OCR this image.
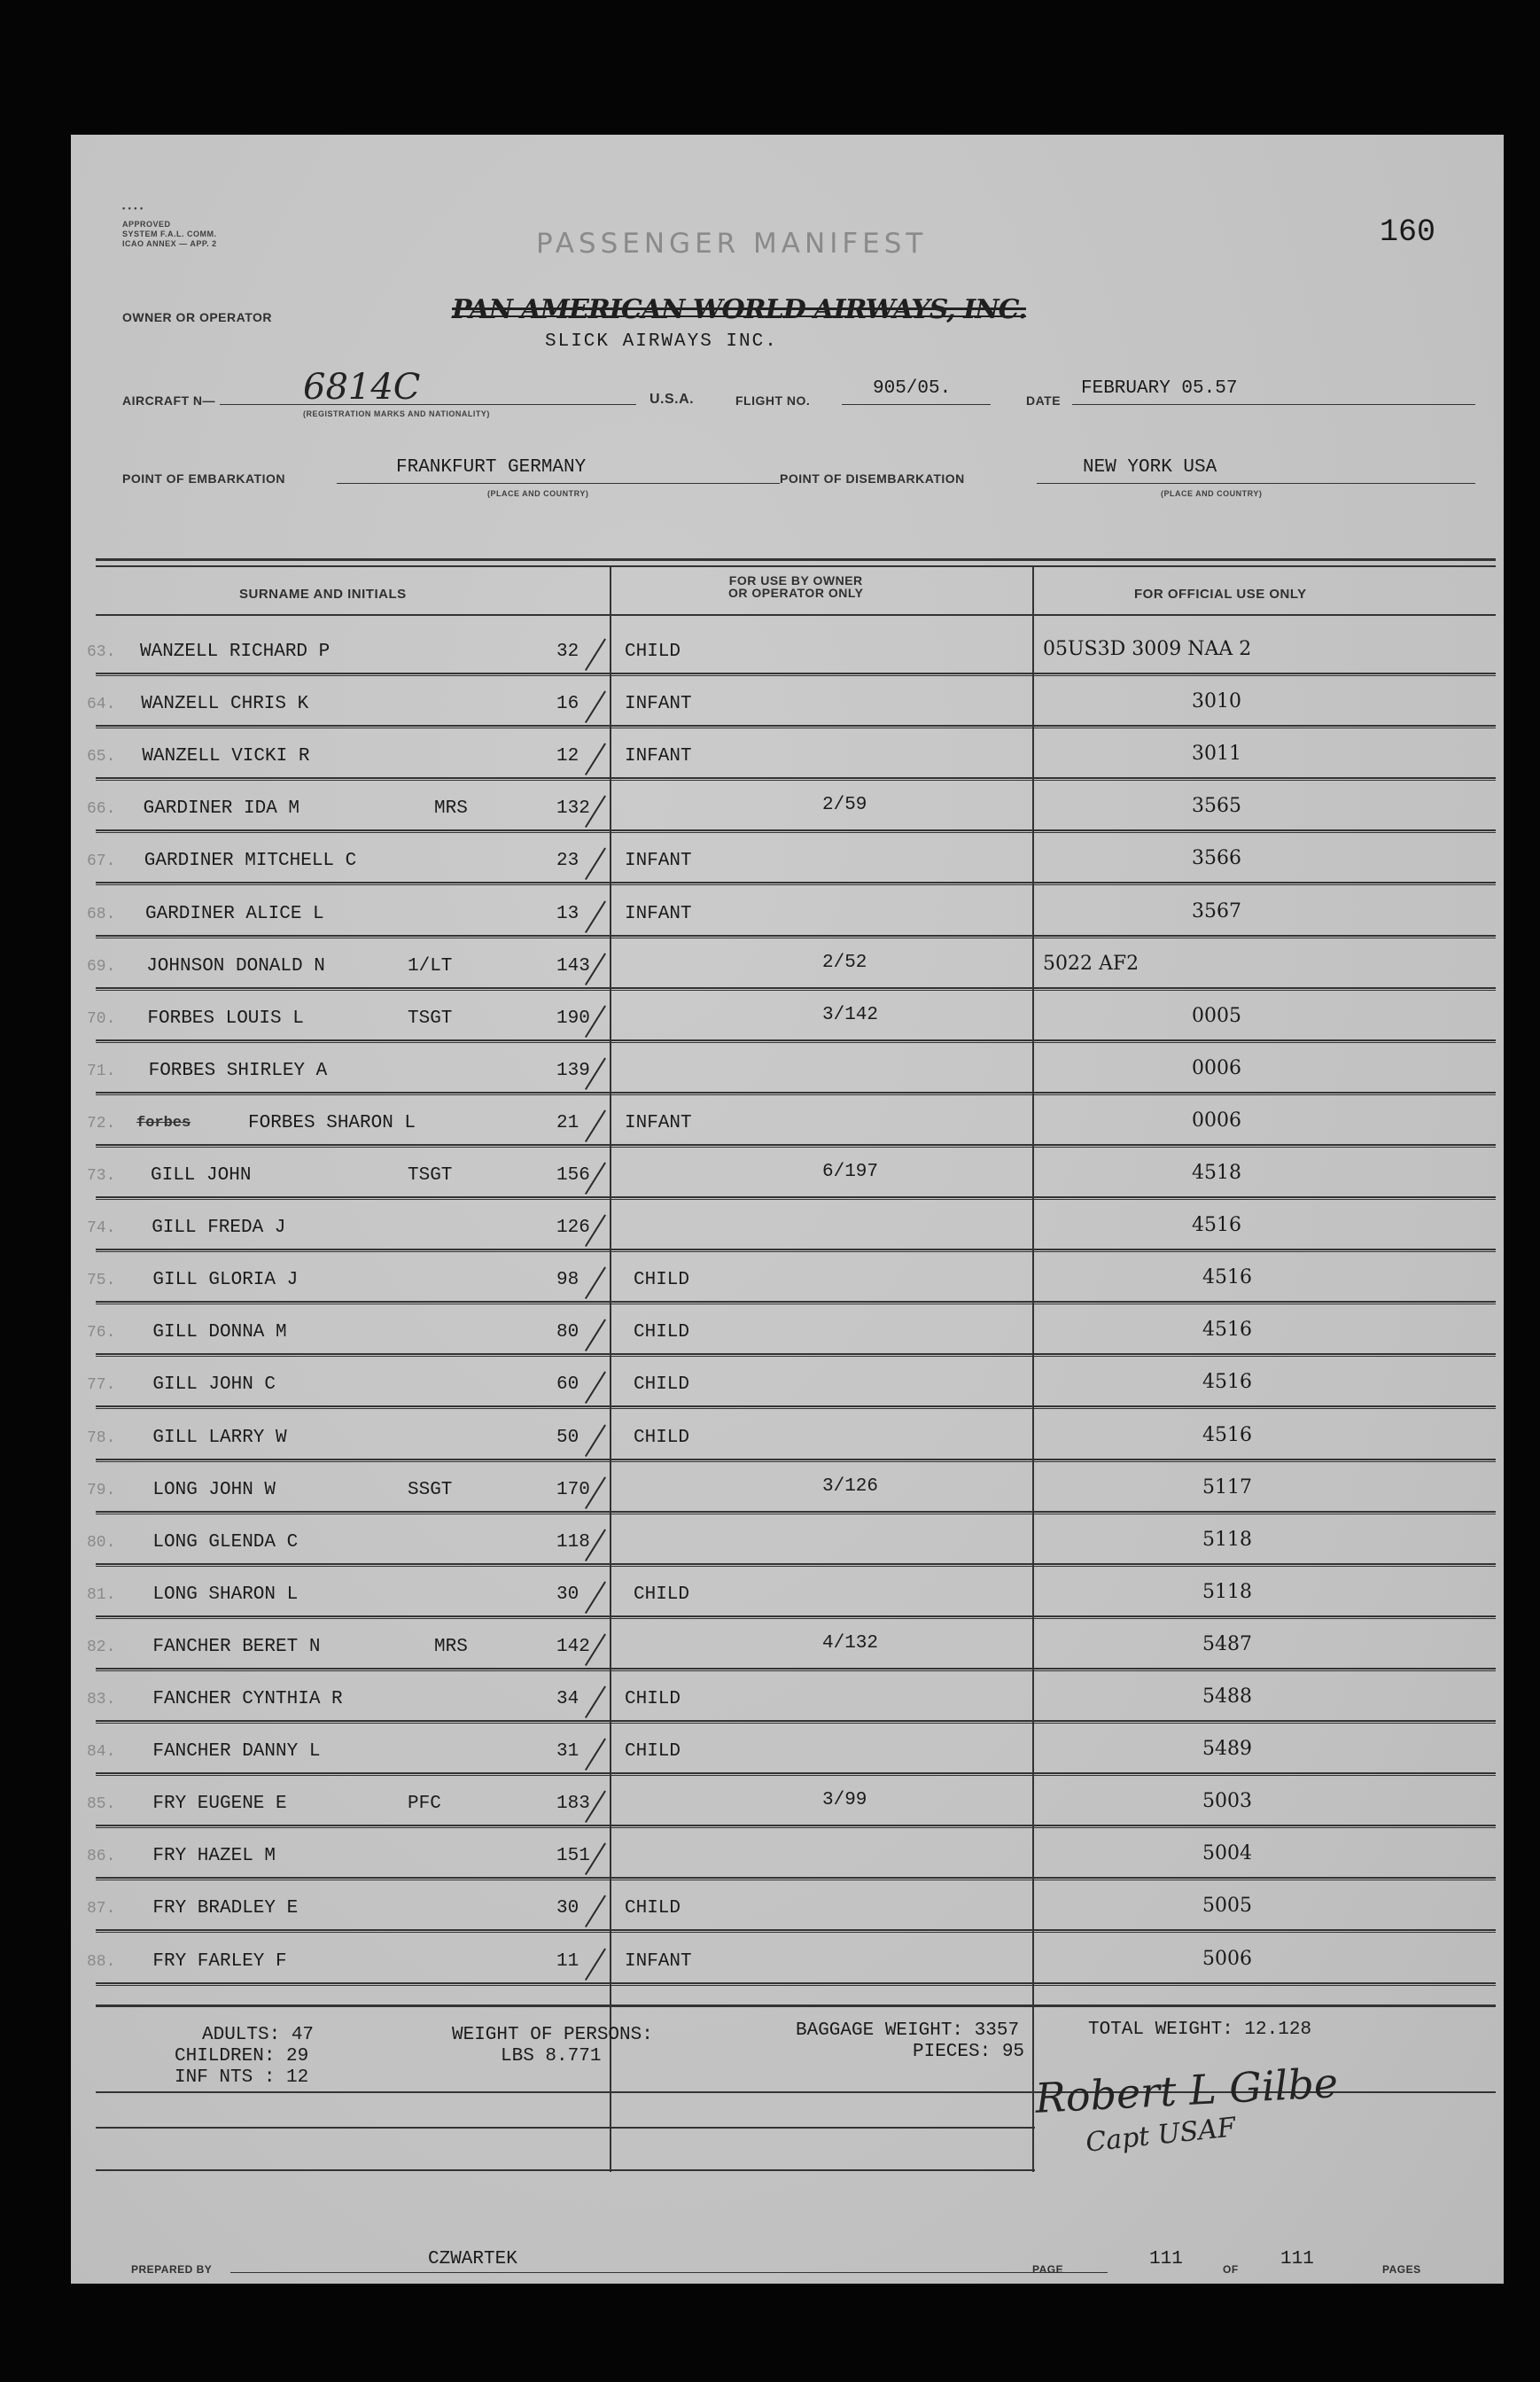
• • • •
APPROVED
SYSTEM F.A.L. COMM.
ICAO ANNEX — APP. 2	PASSENGER MANIFEST	160
OWNER OR OPERATOR	PAN AMERICAN WORLD AIRWAYS, INC.
SLICK AIRWAYS INC.
AIRCRAFT N— 6814C
(REGISTRATION MARKS AND NATIONALITY)
U.S.A.	FLIGHT NO.
905/05.
DATE
FEBRUARY 05.57
POINT OF EMBARKATION
FRANKFURT GERMANY
(PLACE AND COUNTRY)
POINT OF DISEMBARKATION
NEW YORK USA
(PLACE AND COUNTRY)
SURNAME AND INITIALS
FOR USE BY OWNER
OR OPERATOR ONLY	FOR OFFICIAL USE ONLY
63. WANZELL RICHARD P	32 CHILD	05US3D 3009 NAA 2
64. WANZELL CHRIS K	16 INFANT	3010
65. WANZELL VICKI R	12 INFANT	3011
66. GARDINER IDA M	MRS	132	2/59	3565
67. GARDINER MITCHELL C	23 INFANT	3566
68. GARDINER ALICE L	13 INFANT	3567
69. JOHNSON DONALD N	1/LT	143	2/52	5022 AF2
70. FORBES LOUIS L	TSGT	190	3/142	0005
71. FORBES SHIRLEY A	139	0006
72. forbes	FORBES SHARON L	21 INFANT	0006
73. GILL JOHN	TSGT	156	6/197	4518
74. GILL FREDA J	126	4516
75. GILL GLORIA J	98	CHILD	4516
76. GILL DONNA M	80	CHILD	4516
77. GILL JOHN C	60	CHILD	4516
78. GILL LARRY W	50	CHILD	4516
79. LONG JOHN W	SSGT	170	3/126	5117
80. LONG GLENDA C	118	5118
81. LONG SHARON L	30	CHILD	5118
82. FANCHER BERET N	MRS	142	4/132	5487
83. FANCHER CYNTHIA R	34 CHILD	5488
84. FANCHER DANNY L	31 CHILD	5489
85. FRY EUGENE E	PFC	183	3/99	5003
86. FRY HAZEL M	151	5004
87. FRY BRADLEY E	30 CHILD	5005
88. FRY FARLEY F	11 INFANT	5006
ADULTS: 47
CHILDREN: 29
INF NTS : 12
WEIGHT OF PERSONS:
LBS 8.771
BAGGAGE WEIGHT: 3357
PIECES: 95
TOTAL WEIGHT: 12.128
Robert L Gilbe
Capt USAF
PREPARED BY	CZWARTEK	PAGE	111	OF 111	PAGES
